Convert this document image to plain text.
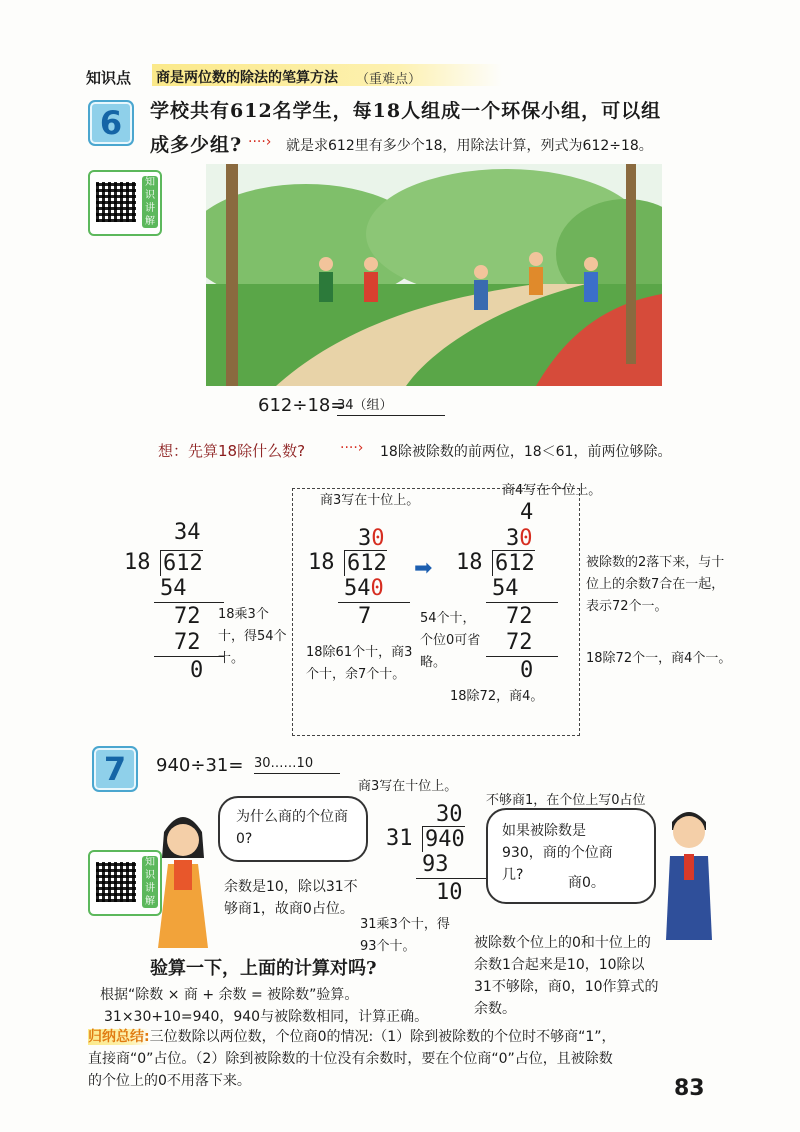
知识点 商是两位数的除法的笔算方法 （重难点）
6	学校共有612名学生，每18人组成一个环保小组，可以组
成多少组? ····› 就是求612里有多少个18，用除法计算，列式为612÷18。
知识讲解
612÷18=
34（组）
想：先算18除什么数? ····› 18除被除数的前两位，18＜61，前两位够除。
34
18 612
54
72
72
0
18乘3个十，得54个十。
商3写在十位上。
商4写在个位上。
30
18 612
540
7
➡
4
30
18 612
54
72
72
0
18除61个十，商3个十，余7个十。
54个十，个位0可省略。
18除72，商4。
被除数的2落下来，与十位上的余数7合在一起，表示72个一。
18除72个一，商4个一。
7	940÷31= 30……10
知识讲解
为什么商的个位商0?
余数是10，除以31不够商1，故商0占位。
商3写在十位上。
不够商1，在个位上写0占位
30
31 940
93
10
31乘3个十，得93个十。	被除数个位上的0和十位上的余数1合起来是10，10除以31不够除，商0，10作算式的余数。
如果被除数是930，商的个位商几?	商0。
验算一下，上面的计算对吗?
根据“除数 × 商 + 余数 = 被除数”验算。
31×30+10=940，940与被除数相同，计算正确。
归纳总结:三位数除以两位数，个位商0的情况:（1）除到被除数的个位时不够商“1”，
直接商“0”占位。（2）除到被除数的十位没有余数时，要在个位商“0”占位，且被除数
的个位上的0不用落下来。	83
